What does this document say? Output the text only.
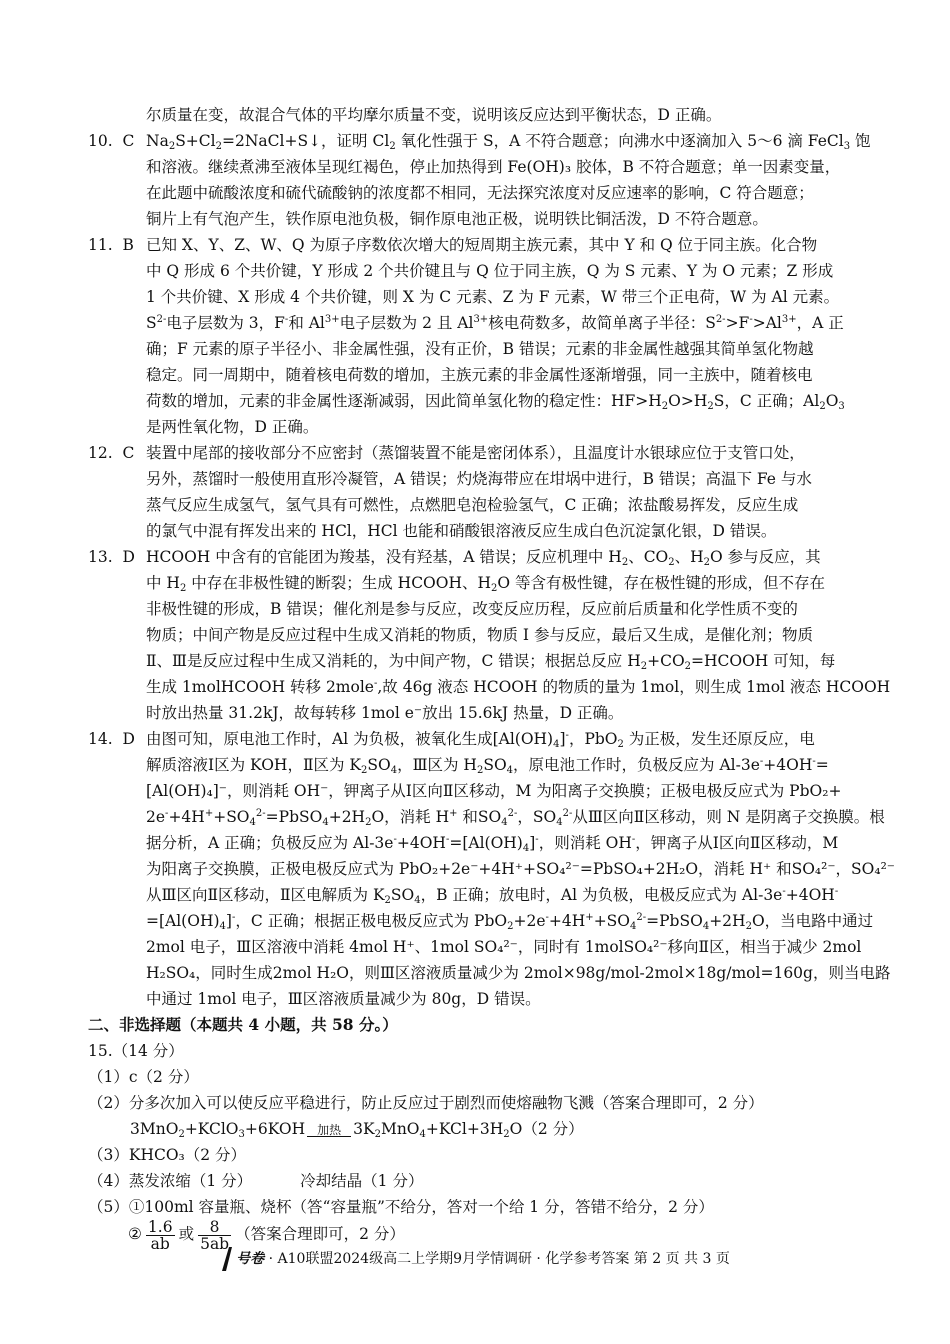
尔质量在变，故混合气体的平均摩尔质量不变，说明该反应达到平衡状态，D 正确。
10. C $Na_2S+Cl_2=2NaCl+S↓$，证明 $Cl_2$ 氧化性强于 S，A 不符合题意；向沸水中逐滴加入 5～6 滴 FeCl$_3$ 饱
和溶液。继续煮沸至液体呈现红褐色，停止加热得到 Fe(OH)₃ 胶体，B 不符合题意；单一因素变量，
在此题中硫酸浓度和硫代硫酸钠的浓度都不相同，无法探究浓度对反应速率的影响，C 符合题意；
铜片上有气泡产生，铁作原电池负极，铜作原电池正极，说明铁比铜活泼，D 不符合题意。
11. B 已知 X、Y、Z、W、Q 为原子序数依次增大的短周期主族元素，其中 Y 和 Q 位于同主族。化合物
中 Q 形成 6 个共价键，Y 形成 2 个共价键且与 Q 位于同主族，Q 为 S 元素、Y 为 O 元素；Z 形成
1 个共价键、X 形成 4 个共价键，则 X 为 C 元素、Z 为 F 元素，W 带三个正电荷，W 为 Al 元素。
$S^{2-}$电子层数为 3，F-和 $Al^{3+}$电子层数为 2 且 $Al^{3+}$核电荷数多，故简单离子半径：$S^{2-}>F^->Al^{3+}$，A 正
确；F 元素的原子半径小、非金属性强，没有正价，B 错误；元素的非金属性越强其简单氢化物越
稳定。同一周期中，随着核电荷数的增加，主族元素的非金属性逐渐增强，同一主族中，随着核电
荷数的增加，元素的非金属性逐渐减弱，因此简单氢化物的稳定性：$HF>H_2O>H_2S$，C 正确；$Al_2O_3$
是两性氧化物，D 正确。
12. C 装置中尾部的接收部分不应密封（蒸馏装置不能是密闭体系），且温度计水银球应位于支管口处，
另外，蒸馏时一般使用直形冷凝管，A 错误；灼烧海带应在坩埚中进行，B 错误；高温下 Fe 与水
蒸气反应生成氢气，氢气具有可燃性，点燃肥皂泡检验氢气，C 正确；浓盐酸易挥发，反应生成
的氯气中混有挥发出来的 HCl，HCl 也能和硝酸银溶液反应生成白色沉淀氯化银，D 错误。
13. D HCOOH 中含有的官能团为羧基，没有羟基，A 错误；反应机理中 $H_2$、$CO_2$、$H_2O$ 参与反应，其
中 $H_2$ 中存在非极性键的断裂；生成 HCOOH、$H_2O$ 等含有极性键，存在极性键的形成，但不存在
非极性键的形成，B 错误；催化剂是参与反应，改变反应历程，反应前后质量和化学性质不变的
物质；中间产物是反应过程中生成又消耗的物质，物质 I 参与反应，最后又生成，是催化剂；物质
Ⅱ、Ⅲ是反应过程中生成又消耗的，为中间产物，C 错误；根据总反应 $H_2+CO_2=HCOOH$ 可知，每
生成 1molHCOOH 转移 2mole-,故 46g 液态 HCOOH 的物质的量为 1mol，则生成 1mol 液态 HCOOH
时放出热量 31.2kJ，故每转移 1mol e⁻放出 15.6kJ 热量，D 正确。
14. D 由图可知，原电池工作时，Al 为负极，被氧化生成$[Al(OH)_4]^-$，PbO$_2$ 为正极，发生还原反应，电
解质溶液Ⅰ区为 KOH，Ⅱ区为 $K_2SO_4$，Ⅲ区为 $H_2SO_4$，原电池工作时，负极反应为 Al-3e-+4OH-=
[Al(OH)₄]⁻，则消耗 OH⁻，钾离子从Ⅰ区向Ⅱ区移动，M 为阳离子交换膜；正极电极反应式为 PbO₂+
$2e^-+4H^++SO_4^{2-}=PbSO_4+2H_2O$，消耗 H+ 和$SO_4^{2-}$，$SO_4^{2-}$从Ⅲ区向Ⅱ区移动，则 N 是阴离子交换膜。根
据分析，A 正确；负极反应为 $Al-3e^-+4OH^-=[Al(OH)_4]^-$，则消耗 OH-，钾离子从Ⅰ区向Ⅱ区移动，M
为阳离子交换膜，正极电极反应式为 PbO₂+2e⁻+4H⁺+SO₄²⁻=PbSO₄+2H₂O，消耗 H⁺ 和SO₄²⁻，SO₄²⁻
从Ⅲ区向Ⅱ区移动，Ⅱ区电解质为 $K_2SO_4$，B 正确；放电时，Al 为负极，电极反应式为 Al-3e-+4OH-
$=[Al(OH)_4]^-$，C 正确；根据正极电极反应式为 $PbO_2+2e^-+4H^++SO_4^{2-}=PbSO_4+2H_2O$，当电路中通过
2mol 电子，Ⅲ区溶液中消耗 4mol H⁺、1mol SO₄²⁻，同时有 1molSO₄²⁻移向Ⅱ区，相当于减少 2mol
H₂SO₄，同时生成2mol H₂O，则Ⅲ区溶液质量减少为 2mol×98g/mol-2mol×18g/mol=160g，则当电路
中通过 1mol 电子，Ⅲ区溶液质量减少为 80g，D 错误。
二、非选择题（本题共 4 小题，共 58 分。）
15.（14 分）
（1）c（2 分）
（2）分多次加入可以使反应平稳进行，防止反应过于剧烈而使熔融物飞溅（答案合理即可，2 分）
3MnO$_2$+KClO$_3$+6KOH 加热 $3K_2MnO_4+KCl+3H_2O(2$ 分）
（3）KHCO₃（2 分）
（4）蒸发浓缩（1 分）	冷却结晶（1 分）
（5）①100ml 容量瓶、烧杯（答“容量瓶”不给分，答对一个给 1 分，答错不给分，2 分）
② $\frac{1.6}{ab}$ 或 $\frac{8}{5ab}$ （答案合理即可，2 分）
号卷 · A10联盟2024级高二上学期9月学情调研 · 化学参考答案 第 2 页 共 3 页
